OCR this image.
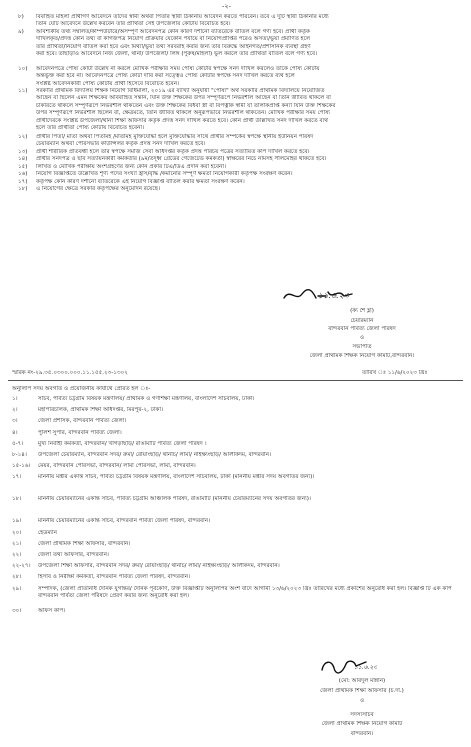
-২-
৮)	বিবাহিত মহিলা প্রার্থীগণ আবেদনে তাদের স্বামী অথবা পিতার স্থায়ী ঠিকানায় আবেদন করতে পারবেন। তবে এ দুটি স্থায়ী ঠিকানার মধ্যে
তিনি যেটি আবেদনে উল্লেখ করবেন তার প্রার্থিতা সেই উপজেলার কোটায় বিবেচিত হবে।
৯)	আবশ্যকীয় তথ্য সম্বলিত/কম্পিউটারে/অসম্পূর্ণ আবেদনপত্র কোন কারণ দর্শানো ব্যতিরেকে বাতিল বলে গণ্য হবে। প্রার্থী কর্তৃক
দাখিলকৃত/প্রদত্ত কোন তথ্য বা কাগজপত্র নিয়োগ প্রক্রিয়ার যেকোন পর্যায়ে বা নিয়োগপ্রাপ্তির পরেও অসত্য/ভুয়া প্রমাণিত হলে
তার প্রার্থিতা/নিয়োগ বাতিল করা হবে এবং মিথ্যা/ভুয়া তথ্য সরবরাহ করার জন্য তার বিরুদ্ধে আইনগত/প্রশাসনিক ব্যবস্থা গ্রহণ
করা হবে। তাছাড়াও আবেদনে নিজ জেলা, থানা/ উপজেলা/ লিঙ্গ (পুরুষ/মহিলা) ভুল করলে তার প্রার্থিতা বাতিল বলে গণ্য হবে।
১০)	আবেদনপত্রে পোষ্য কোটা উল্লেখ না করলে মৌখিক পরীক্ষার সময় পোষ্য কোটার স্বপক্ষে সনদ দাখিল করলেও তাকে পোষ্য কোটায়
অন্তর্ভুক্ত করা হবে না। আবেদনপত্রে পোষ্য কোটা দাবি করা সত্ত্বেও পোষ্য কোটার স্বপক্ষে সনদ দাখিল করতে ব্যর্থ হলে
সংশ্লিষ্ট আবেদনকারী পোষ্য কোটায় প্রার্থী হিসেবে বিবেচিত হবেন।
১১)	সরকারি প্রাথমিক বিদ্যালয় শিক্ষক নিয়োগ বিধিমালা, ২০১৯ এর ব্যাখ্যা অনুযায়ী "পোষ্য" অর্থ সরকারি প্রাথমিক বিদ্যালয়ে নিয়োজিত
আছেন বা ছিলেন এমন শিক্ষকের অবিবাহিত সন্তান, যিনি উক্ত শিক্ষকের উপর সম্পূর্ণরূপে নির্ভরশীল আছেন বা তিনি জীবিত থাকলে বা
চাকরিতে থাকলে সম্পূর্ণরূপে নির্ভরশীল থাকতেন এবং উক্ত শিক্ষকের বিধবা স্ত্রী বা বিপত্নীক স্বামী যা তালাকপ্রাপ্ত কন্যা যিনি উক্ত শিক্ষকের
উপর সম্পূর্ণরূপে নির্ভরশীল ছিলেন বা, ক্ষেত্রমতে, তিনি জীবিত থাকলে অনুরূপভাবে নির্ভরশীল থাকতেন। মৌখিক পরীক্ষার সময় পোষ্য
প্রার্থীদেরকে সংশ্লিষ্ট উপজেলা/থানা শিক্ষা অফিসার কর্তৃক প্রদত্ত সনদ দাখিল করতে হবে। কোন প্রার্থী উল্লিখিত সনদ দাখিল করতে ব্যর্থ
হলে তার প্রার্থীতা পোষ্য কোটায় বিবেচিত হবেনা।
১২)	প্রার্থীর পিতা/ মাতা অথবা পিতামহ /মাতামহ মুক্তিযোদ্ধা হলে মুক্তিযোদ্ধার সাথে প্রার্থীর সম্পর্কের স্বপক্ষে স্থানীয় ইউনিয়ন পরিষদ
চেয়ারম্যান অথবা পৌরসভার কাউন্সিলর কর্তৃক প্রদত্ত সনদ দাখিল করতে হবে।
১৩)	প্রার্থী শারীরিক প্রতিবন্ধী হলে তার স্বপক্ষে সমাজ সেবা অধিদপ্তর কর্তৃক প্রদত্ত পরিচয় পত্রের সত্যায়িত কপি দাখিল করতে হবে।
১৪)	প্রার্থীর সনদপত্র ও ছবি সত্যায়নকারী কর্মকর্তার (৯ম/তদূর্ধ্ব গ্রেডের গেজেটেড কর্মকর্তা) স্বাক্ষরের নিচে নামসহ সীলমোহর থাকতে হবে।
১৫)	লিখিত ও মৌখিক পরীক্ষায় অংশগ্রহণের জন্য কোন প্রকার টিএ/ডিএ প্রদান করা হবেনা।
১৬)	নিয়োগ বিজ্ঞপ্তিতে উল্লেখিত শূণ্য পদের সংখ্যা হ্রাস/বৃদ্ধি /কমানোর সম্পূর্ণ ক্ষমতা নিয়োগকারী কর্তৃপক্ষ সংরক্ষণ করেন।
১৭)	কর্তৃপক্ষ কোন কারণ দর্শানো ব্যতিরেকে এই নিয়োগ বিজ্ঞপ্তি বাতিল করার ক্ষমতা সংরক্ষণ করেন।
১৮)	এ নিয়োগের ক্ষেত্রে সরকার কর্তৃপক্ষের অনুমোদন রয়েছে।
১১.৬.২৩
(ক্য শৈ হ্লা)
চেয়ারম্যান
বান্দরবান পার্বত্য জেলা পরিষদ
ও
সভাপতি
জেলা প্রাথমিক শিক্ষক নিয়োগ কমিটি,বান্দরবান।
স্মারক নং-২৯.৩৫.০৩০০.০০০.১১.১৫৫.২৩-১৩০২	তারিখ ঃ ১১/৬/২০২৩ খ্রিঃ
অনুলিপি সদয় অবগতি ও প্রয়োজনীয় কার্যার্থে প্রেরিত হল ঃ-
১।	সচিব, পার্বত্য চট্টগ্রাম বিষয়ক মন্ত্রণালয়/ প্রাথমিক ও গণশিক্ষা মন্ত্রণালয়, বাংলাদেশ সচিবালয়, ঢাকা।
২।	মহাপরিচালক, প্রাথমিক শিক্ষা অধিদপ্তর, মিরপুর-২, ঢাকা।
৩।	জেলা প্রশাসক, বান্দরবান পার্বত্য জেলা।
৪।	পুলিশ সুপার, বান্দরবান পার্বত্য জেলা।
৫-৭।	মুখ্য নির্বাহী কর্মকর্তা, বান্দরবান/ খাগড়াছড়ি/ রাঙামাটি পার্বত্য জেলা পরিষদ ।
৮-১৪। উপজেলা চেয়ারম্যান, বান্দরবান সদর/ রুমা/ রোয়াংছড়ি/ থানচি/ লামা/ নাইক্ষ্যংছড়ি/ আলীকদম, বান্দরবান।
১৫-১৬। মেয়র, বান্দরবান পৌরসভা, বান্দরবান/ লামা পৌরসভা, লামা, বান্দরবান।
১৭।	মাননীয় মন্ত্রীর একান্ত সচিব, পার্বত্য চট্টগ্রাম বিষয়ক মন্ত্রণালয়, বাংলাদেশ সচিবালয়, ঢাকা (মাননীয় মন্ত্রীর সদয় অবগতির জন্য)।
১৮।	মাননীয় চেয়ারম্যানের একান্ত সচিব, পার্বত্য চট্টগ্রাম আঞ্চলিক পরিষদ, রাঙামাটি (মাননীয় চেয়ারম্যানের সদয় অবগতির জন্য)।
১৯।	মাননীয় চেয়ারম্যানের একান্ত সচিব, বান্দরবান পার্বত্য জেলা পরিষদ, বান্দরবান।
২০।	হেডম্যান
২১।	জেলা প্রাথমিক শিক্ষা অফিসার, বান্দরবান।
২২।	জেলা তথ্য অফিসার, বান্দরবান।
২২-২৭। উপজেলা শিক্ষা অফিসার, বান্দরবান সদর/ রুমা/ রোয়াংছড়ি/ থানচি/ লামা/ নাইক্ষ্যংছড়ি/ আলীকদম, বান্দরবান।
২৮।	হিসাব ও নিরীক্ষা কর্মকর্তা, বান্দরবান পার্বত্য জেলা পরিষদ, বান্দরবান।
২৯।	সম্পাদক, (জেলা প্রতিনিধি দৈনিক যুগান্তর/ দৈনিক পূর্বকোণ, উক্ত বিজ্ঞপ্তিটি অনুলিপির অংশ বাদে আগামী ১৩/৬/২০২৩ খ্রিঃ তারিখের মধ্যে প্রকাশের অনুরোধ করা হল। বিজ্ঞপ্তি টি এক কপি বান্দরবান পার্বত্য জেলা পরিষদে প্রেরণ করার জন্য অনুরোধ করা হল।
৩০।	অফিস কপি।
১১.৬.২৩
(মো: আবদুল মান্নান)
জেলা প্রাথমিক শিক্ষা অফিসার (চ.দা.)
ও
সদস্যসচিব
জেলা প্রাথমিক শিক্ষক নিয়োগ কমিটি
বান্দরবান।
